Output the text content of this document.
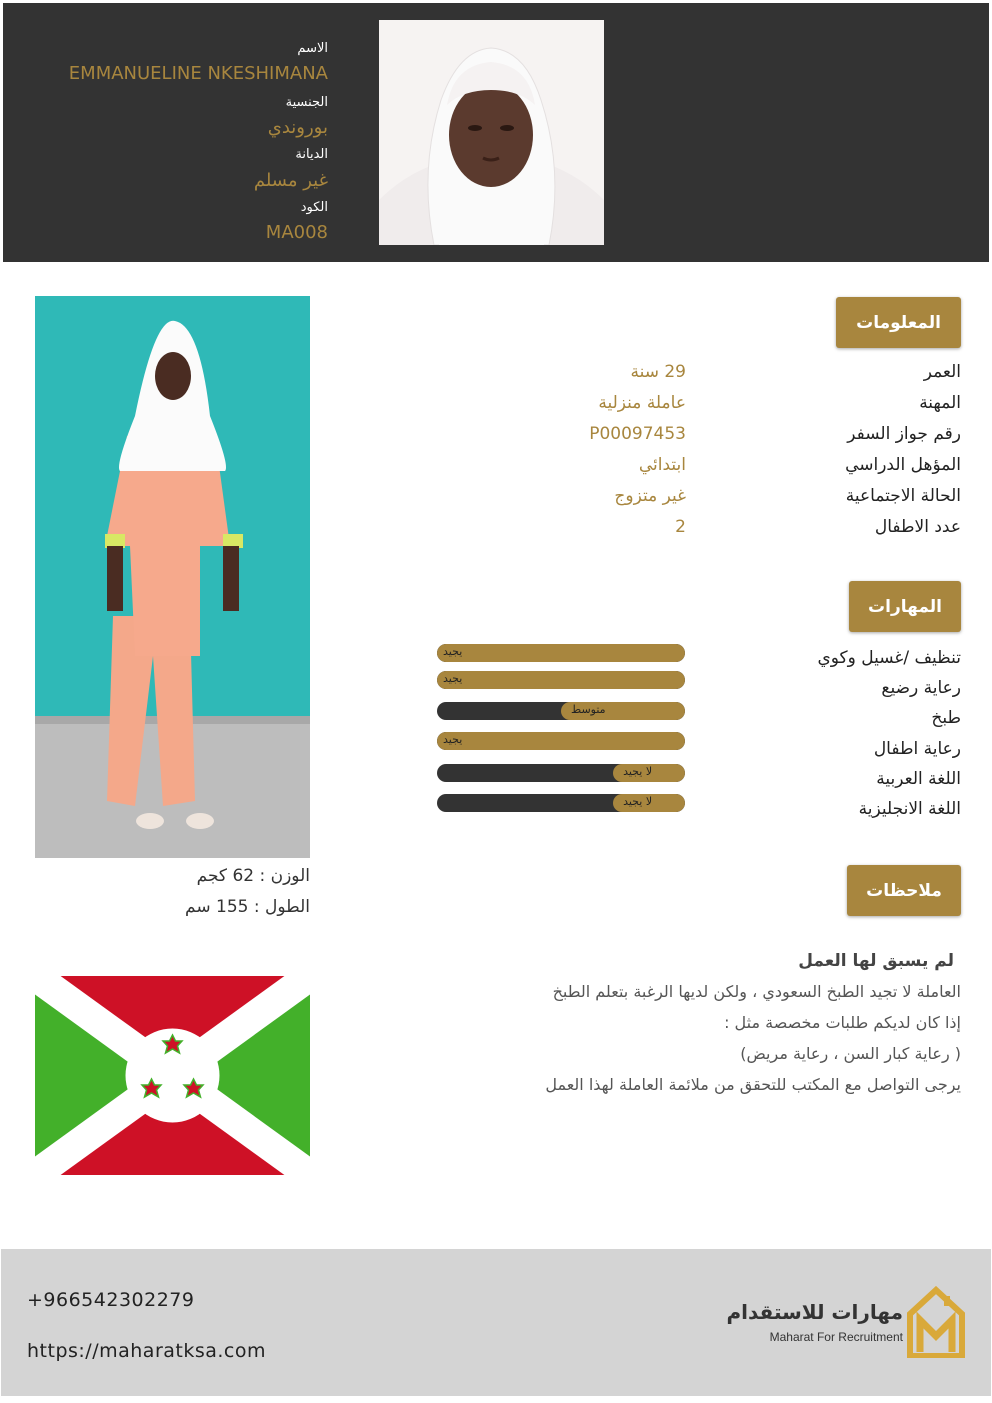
الاسم
EMMANUELINE NKESHIMANA
الجنسية
بوروندي
الديانة
غير مسلم
الكود
MA008
الوزن : 62 كجم
الطول : 155 سم
المعلومات
العمر
29 سنة
المهنة
عاملة منزلية
رقم جواز السفر
P00097453
المؤهل الدراسي
ابتدائي
الحالة الاجتماعية
غير متزوج
عدد الاطفال
2
المهارات
تنظيف /غسيل وكوي
رعاية رضيع
طبخ
رعاية اطفال
اللغة العربية
اللغة الانجليزية
يجيد
يجيد
متوسط
يجيد
لا يجيد
لا يجيد
ملاحظات
لم يسبق لها العمل
العاملة لا تجيد الطبخ السعودي ، ولكن لديها الرغبة بتعلم الطبخ
إذا كان لديكم طلبات مخصصة مثل :
( رعاية كبار السن ، رعاية مريض)
يرجى التواصل مع المكتب للتحقق من ملائمة العاملة لهذا العمل
+966542302279
https://maharatksa.com
مهارات للاستقدام
Maharat For Recruitment
